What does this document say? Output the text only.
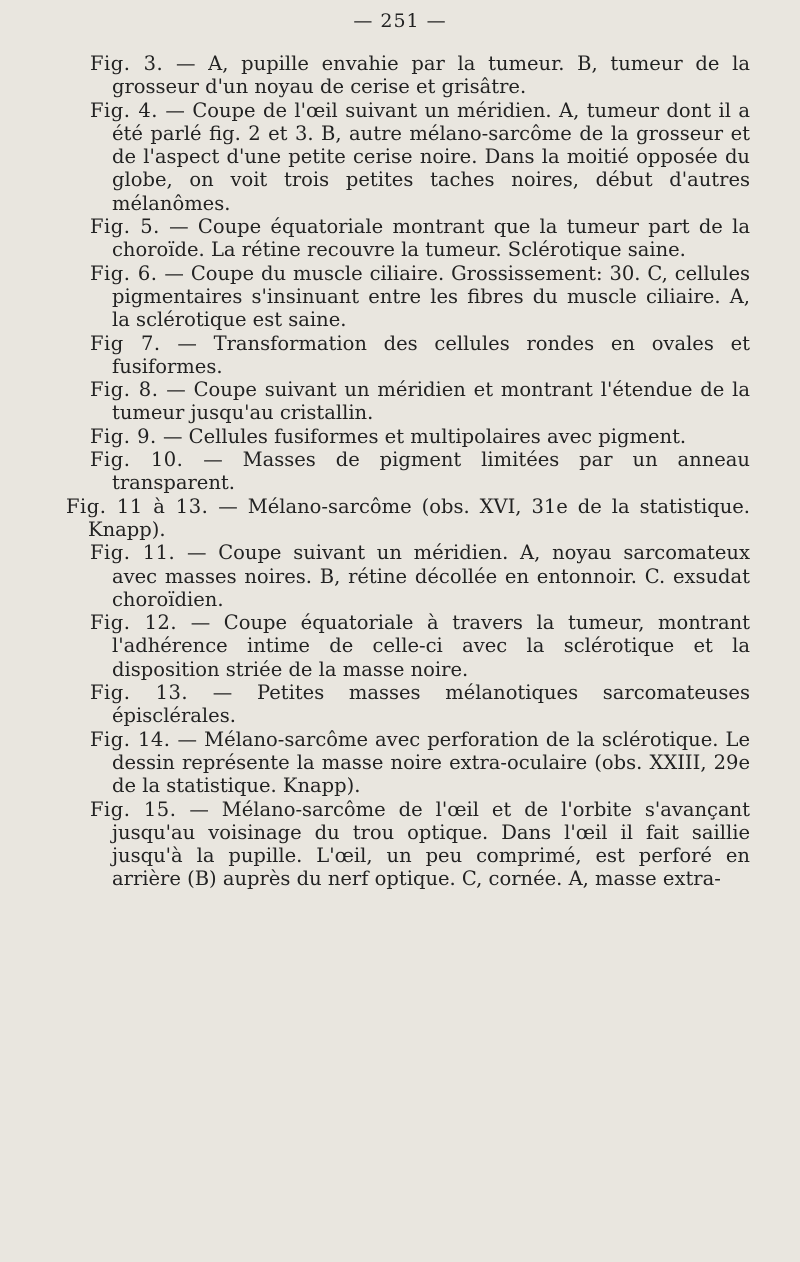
— 251 —

Fig. 3. — A, pupille envahie par la tumeur. B, tumeur de la grosseur d'un noyau de cerise et grisâtre.

Fig. 4. — Coupe de l'œil suivant un méridien. A, tumeur dont il a été parlé fig. 2 et 3. B, autre mélano-sarcôme de la grosseur et de l'aspect d'une petite cerise noire. Dans la moitié opposée du globe, on voit trois petites taches noires, début d'autres mélanômes.

Fig. 5. — Coupe équatoriale montrant que la tumeur part de la choroïde. La rétine recouvre la tumeur. Sclérotique saine.

Fig. 6. — Coupe du muscle ciliaire. Grossissement: 30. C, cellules pigmentaires s'insinuant entre les fibres du muscle ciliaire. A, la sclérotique est saine.

Fig 7. — Transformation des cellules rondes en ovales et fusiformes.

Fig. 8. — Coupe suivant un méridien et montrant l'étendue de la tumeur jusqu'au cristallin.

Fig. 9. — Cellules fusiformes et multipolaires avec pigment.

Fig. 10. — Masses de pigment limitées par un anneau transparent.

Fig. 11 à 13. — Mélano-sarcôme (obs. XVI, 31e de la statistique. Knapp).

Fig. 11. — Coupe suivant un méridien. A, noyau sarcomateux avec masses noires. B, rétine décollée en entonnoir. C. exsudat choroïdien.

Fig. 12. — Coupe équatoriale à travers la tumeur, montrant l'adhérence intime de celle-ci avec la sclérotique et la disposition striée de la masse noire.

Fig. 13. — Petites masses mélanotiques sarcomateuses épisclérales.

Fig. 14. — Mélano-sarcôme avec perforation de la sclérotique. Le dessin représente la masse noire extra-oculaire (obs. XXIII, 29e de la statistique. Knapp).

Fig. 15. — Mélano-sarcôme de l'œil et de l'orbite s'avançant jusqu'au voisinage du trou optique. Dans l'œil il fait saillie jusqu'à la pupille. L'œil, un peu comprimé, est perforé en arrière (B) auprès du nerf optique. C, cornée. A, masse extra-
